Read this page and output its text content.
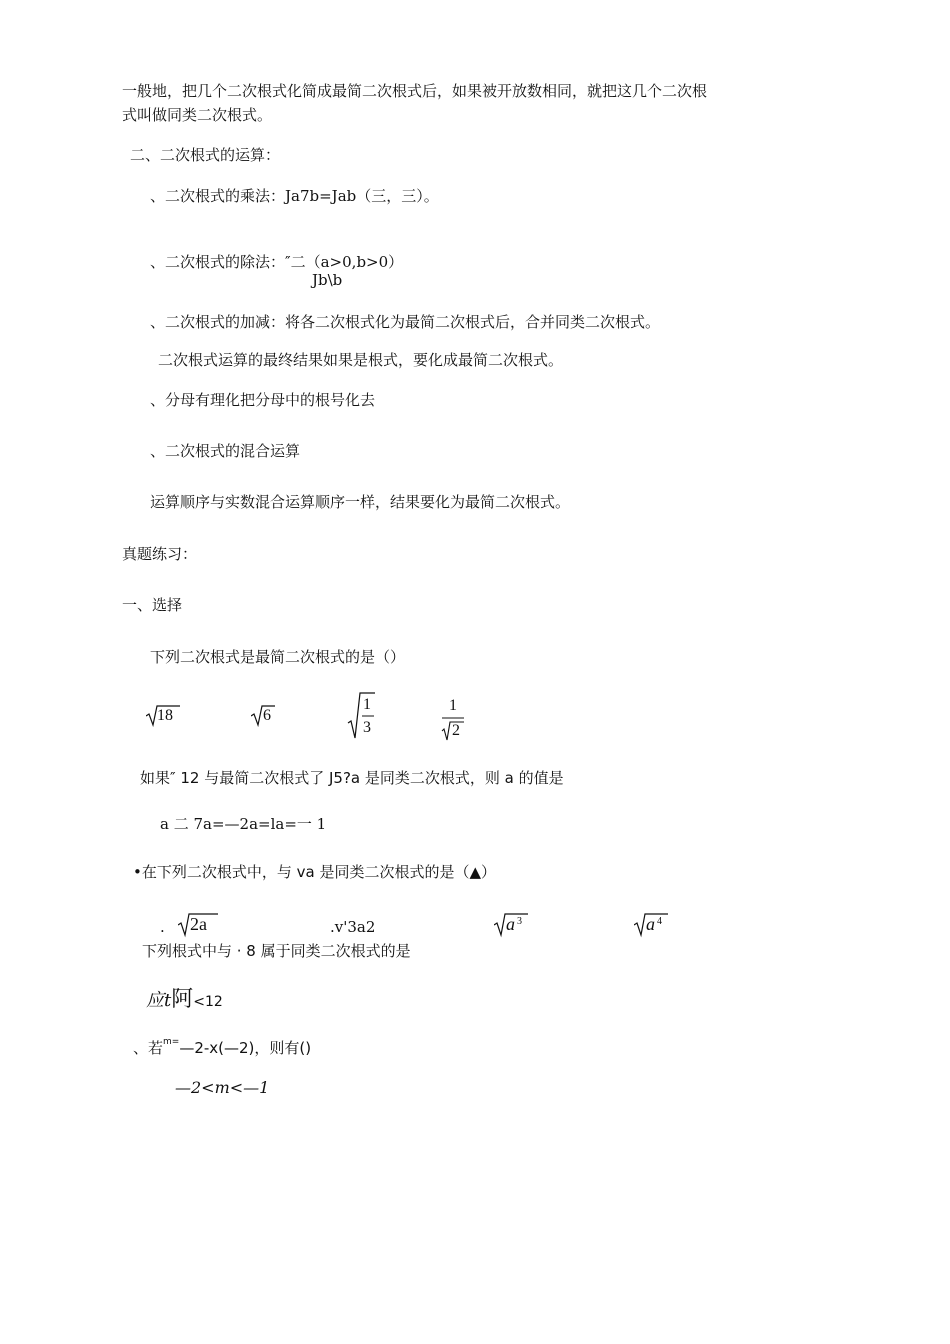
一般地，把几个二次根式化简成最简二次根式后，如果被开放数相同，就把这几个二次根
式叫做同类二次根式。
二、二次根式的运算：
、二次根式的乘法：Ja7b=Jab（三，三）。
、二次根式的除法：″二（a>0,b>0）
Jb\b
、二次根式的加减：将各二次根式化为最简二次根式后，合并同类二次根式。
二次根式运算的最终结果如果是根式，要化成最简二次根式。
、分母有理化把分母中的根号化去
、二次根式的混合运算
运算顺序与实数混合运算顺序一样，结果要化为最简二次根式。
真题练习：
一、选择
下列二次根式是最简二次根式的是（）
18	6
1
3
1
2
如果″ 12 与最简二次根式了 J5?a 是同类二次根式，则 a 的值是
a 二 7a=—2a=la=一 1
•在下列二次根式中，与 va 是同类二次根式的是（▲）
. 2a	.v'3a2	a 3	a 4
下列根式中与 · 8 属于同类二次根式的是
应t阿<12
、若$^{m=}$—2-x(—2)，则有()
—2<m<—1
